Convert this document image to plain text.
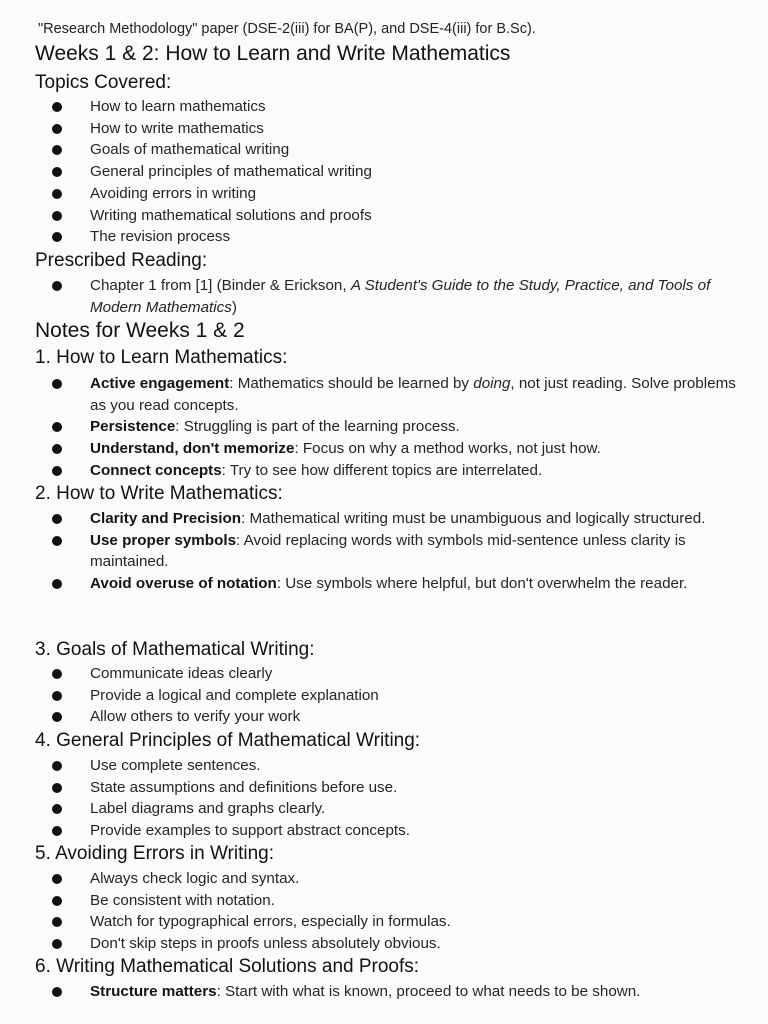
"Research Methodology" paper (DSE-2(iii) for BA(P), and DSE-4(iii) for B.Sc).
Weeks 1 & 2: How to Learn and Write Mathematics
Topics Covered:
How to learn mathematics
How to write mathematics
Goals of mathematical writing
General principles of mathematical writing
Avoiding errors in writing
Writing mathematical solutions and proofs
The revision process
Prescribed Reading:
Chapter 1 from [1] (Binder & Erickson, A Student's Guide to the Study, Practice, and Tools of Modern Mathematics)
Notes for Weeks 1 & 2
1. How to Learn Mathematics:
Active engagement: Mathematics should be learned by doing, not just reading. Solve problems as you read concepts.
Persistence: Struggling is part of the learning process.
Understand, don't memorize: Focus on why a method works, not just how.
Connect concepts: Try to see how different topics are interrelated.
2. How to Write Mathematics:
Clarity and Precision: Mathematical writing must be unambiguous and logically structured.
Use proper symbols: Avoid replacing words with symbols mid-sentence unless clarity is maintained.
Avoid overuse of notation: Use symbols where helpful, but don't overwhelm the reader.
3. Goals of Mathematical Writing:
Communicate ideas clearly
Provide a logical and complete explanation
Allow others to verify your work
4. General Principles of Mathematical Writing:
Use complete sentences.
State assumptions and definitions before use.
Label diagrams and graphs clearly.
Provide examples to support abstract concepts.
5. Avoiding Errors in Writing:
Always check logic and syntax.
Be consistent with notation.
Watch for typographical errors, especially in formulas.
Don't skip steps in proofs unless absolutely obvious.
6. Writing Mathematical Solutions and Proofs:
Structure matters: Start with what is known, proceed to what needs to be shown.
